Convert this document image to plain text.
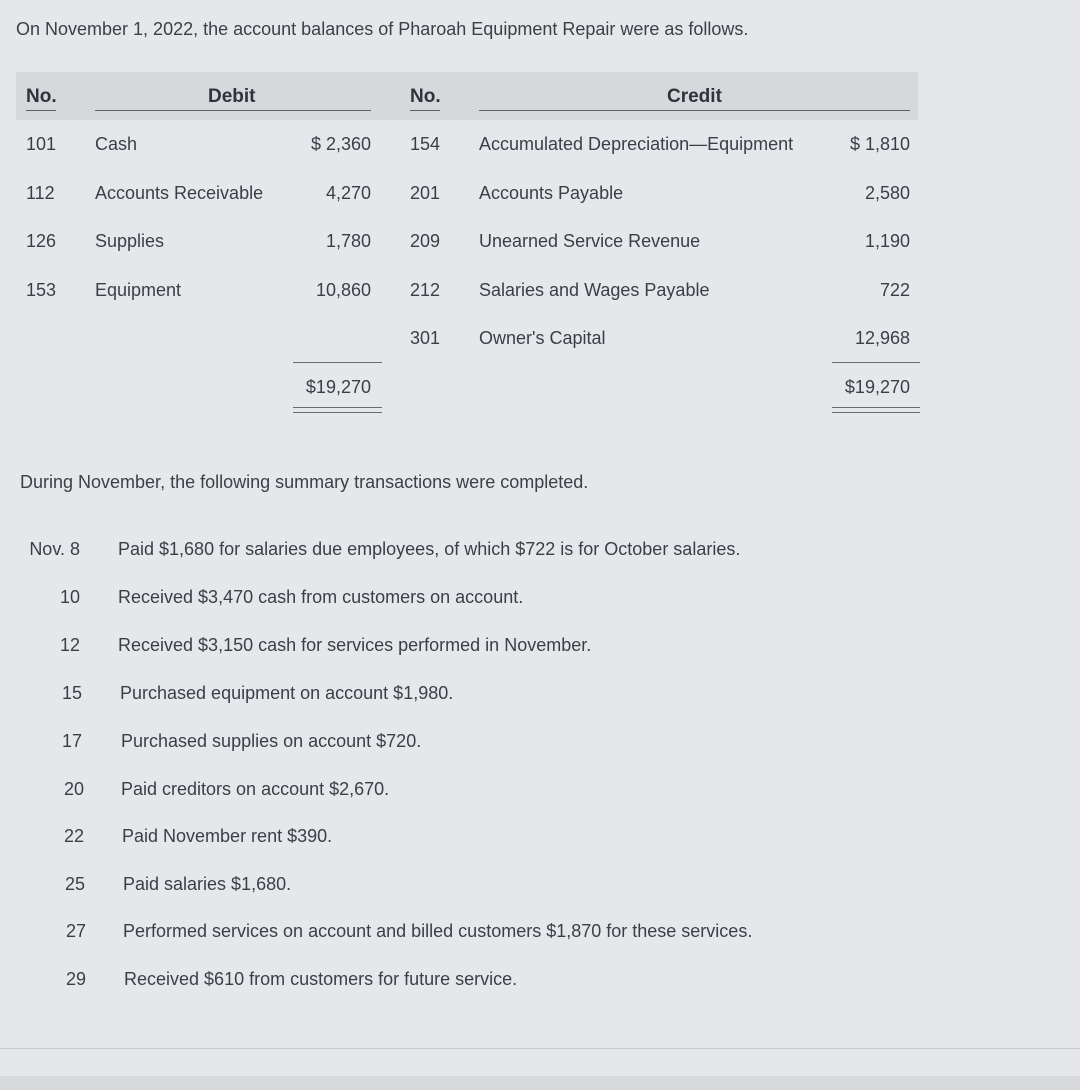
On November 1, 2022, the account balances of Pharoah Equipment Repair were as follows.
No.	Debit	No.	Credit
101 Cash	$ 2,360 154 Accumulated Depreciation—Equipment	$ 1,810
112 Accounts Receivable	4,270 201 Accounts Payable	2,580
126 Supplies	1,780 209 Unearned Service Revenue	1,190
153 Equipment	10,860 212 Salaries and Wages Payable	722
301 Owner's Capital	12,968
$19,270	$19,270
During November, the following summary transactions were completed.
Nov. 8 Paid $1,680 for salaries due employees, of which $722 is for October salaries.
10 Received $3,470 cash from customers on account.
12 Received $3,150 cash for services performed in November.
15 Purchased equipment on account $1,980.
17 Purchased supplies on account $720.
20 Paid creditors on account $2,670.
22 Paid November rent $390.
25 Paid salaries $1,680.
27 Performed services on account and billed customers $1,870 for these services.
29 Received $610 from customers for future service.
